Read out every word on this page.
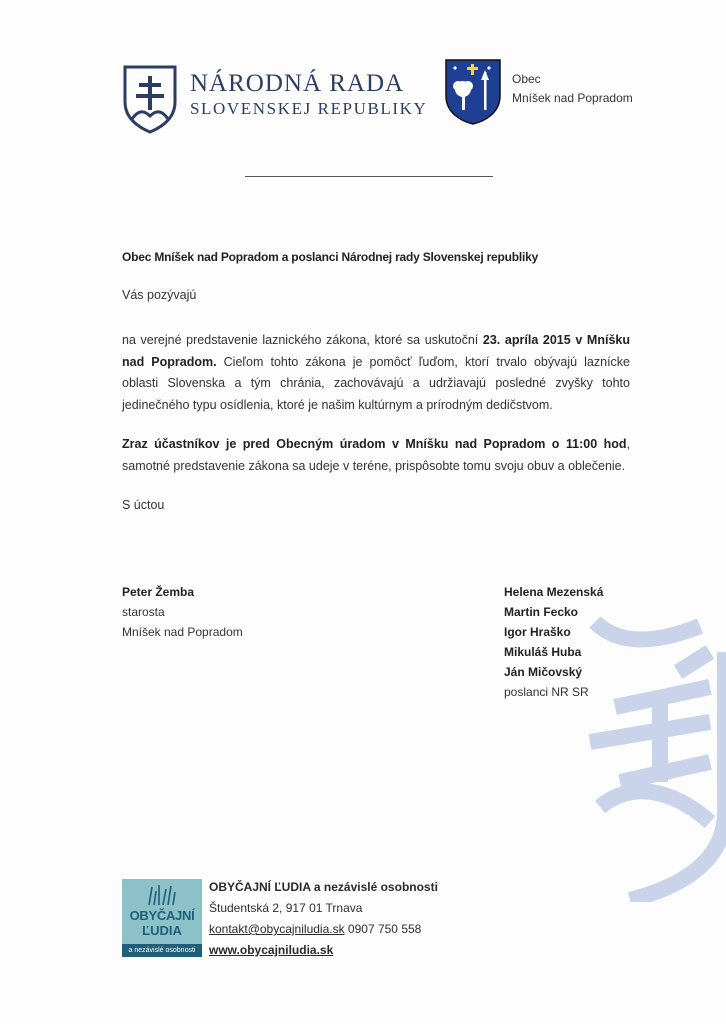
NÁRODNÁ RADA
SLOVENSKEJ REPUBLIKY
Obec
Mníšek nad Popradom
Obec Mníšek nad Popradom a poslanci Národnej rady Slovenskej republiky
Vás pozývajú
na verejné predstavenie laznického zákona, ktoré sa uskutoční 23. apríla 2015 v Mníšku nad Popradom. Cieľom tohto zákona je pomôcť ľuďom, ktorí trvalo obývajú laznícke oblasti Slovenska a tým chránia, zachovávajú a udržiavajú posledné zvyšky tohto jedinečného typu osídlenia, ktoré je našim kultúrnym a prírodným dedičstvom.
Zraz účastníkov je pred Obecným úradom v Mníšku nad Popradom o 11:00 hod, samotné predstavenie zákona sa udeje v teréne, prispôsobte tomu svoju obuv a oblečenie.
S úctou
Peter Žemba
starosta
Mníšek nad Popradom
Helena Mezenská
Martin Fecko
Igor Hraško
Mikuláš Huba
Ján Mičovský
poslanci NR SR
OBYČAJNÍ
ĽUDIA
a nezávislé osobnosti
OBYČAJNÍ ĽUDIA a nezávislé osobnosti
Študentská 2, 917 01 Trnava
kontakt@obycajniludia.sk 0907 750 558
www.obycajniludia.sk
